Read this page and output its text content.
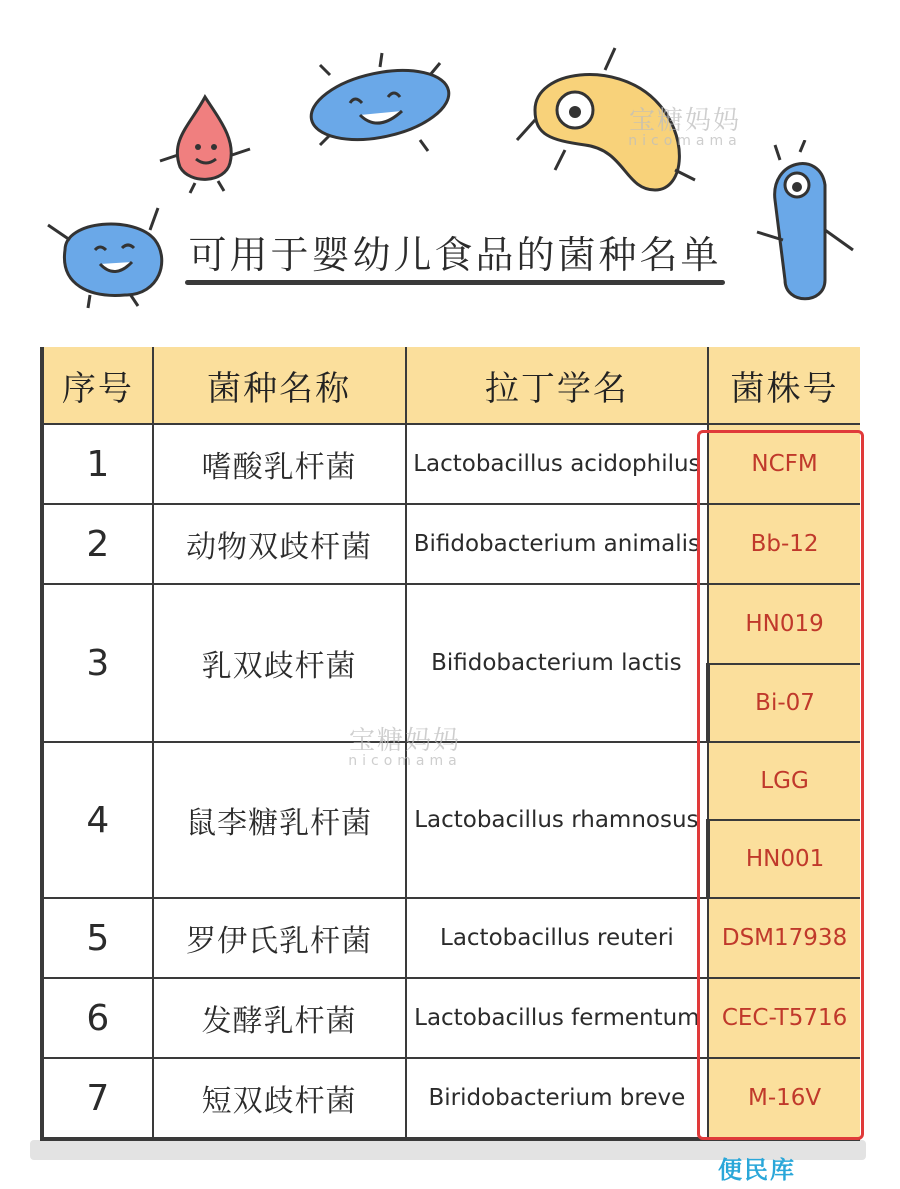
宝糖妈妈
nicomama
可用于婴幼儿食品的菌种名单
序号	菌种名称	拉丁学名	菌株号
1	嗜酸乳杆菌	Lactobacillus acidophilus	NCFM
2	动物双歧杆菌	Bifidobacterium animalis	Bb-12
3	乳双歧杆菌	Bifidobacterium lactis	HN019
			Bi-07
4	鼠李糖乳杆菌	Lactobacillus rhamnosus	LGG
			HN001
5	罗伊氏乳杆菌	Lactobacillus reuteri	DSM17938
6	发酵乳杆菌	Lactobacillus fermentum	CEC-T5716
7	短双歧杆菌	Biridobacterium breve	M-16V
宝糖妈妈
nicomama
便民库
